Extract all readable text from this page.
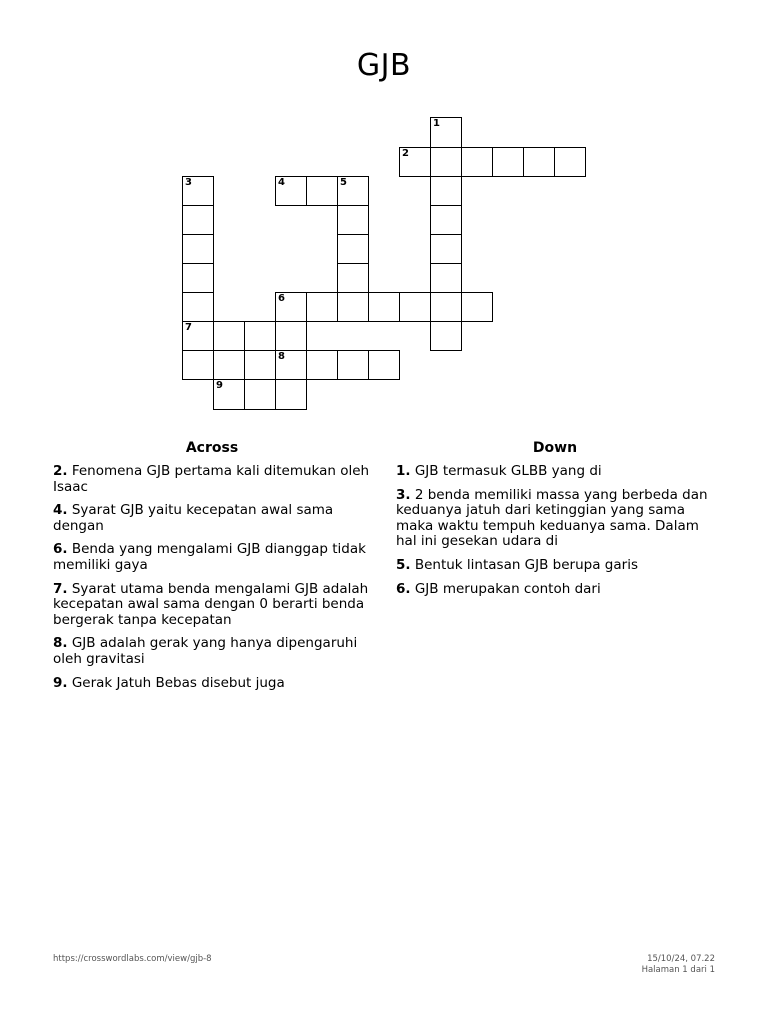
GJB
1
2
3	4	5
6
7
8
9
Across
2. Fenomena GJB pertama kali ditemukan oleh Isaac
4. Syarat GJB yaitu kecepatan awal sama dengan
6. Benda yang mengalami GJB dianggap tidak memiliki gaya
7. Syarat utama benda mengalami GJB adalah kecepatan awal sama dengan 0 berarti benda bergerak tanpa kecepatan
8. GJB adalah gerak yang hanya dipengaruhi oleh gravitasi
9. Gerak Jatuh Bebas disebut juga
Down
1. GJB termasuk GLBB yang di
3. 2 benda memiliki massa yang berbeda dan keduanya jatuh dari ketinggian yang sama maka waktu tempuh keduanya sama. Dalam hal ini gesekan udara di
5. Bentuk lintasan GJB berupa garis
6. GJB merupakan contoh dari
https://crosswordlabs.com/view/gjb-8	15/10/24, 07.22
Halaman 1 dari 1
